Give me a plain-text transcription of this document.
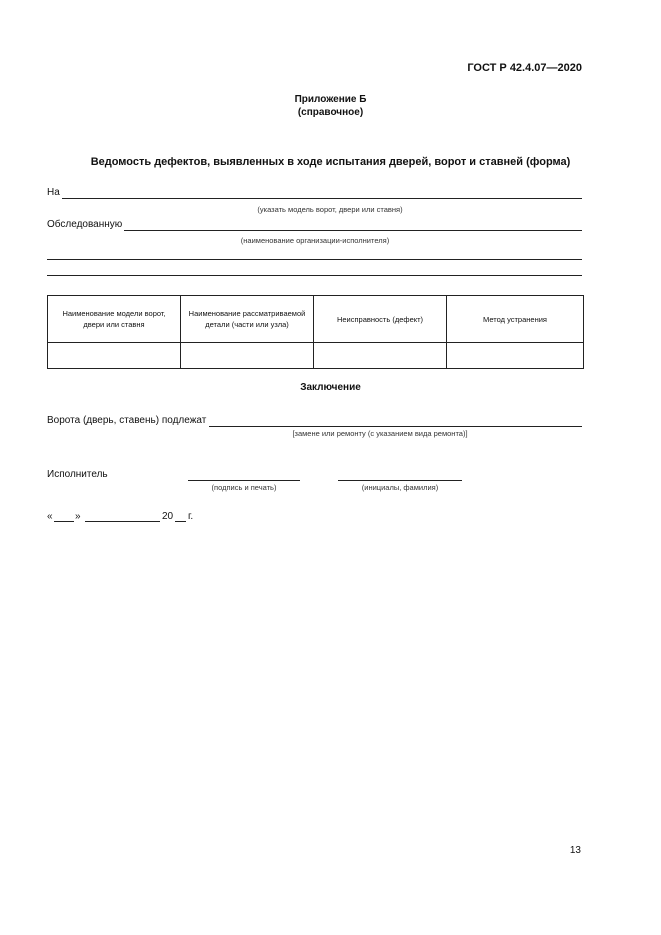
ГОСТ Р 42.4.07—2020
Приложение Б
(справочное)
Ведомость дефектов, выявленных в ходе испытания дверей, ворот и ставней (форма)
На
(указать модель ворот, двери или ставня)
Обследованную
(наименование организации-исполнителя)
Наименование модели ворот, двери или ставня	Наименование рассматриваемой детали (части или узла)	Неисправность (дефект)	Метод устранения

Заключение
Ворота (дверь, ставень) подлежат
[замене или ремонту (с указанием вида ремонта)]
Исполнитель
(подпись и печать)	(инициалы, фамилия)
« »	20 г.
13
